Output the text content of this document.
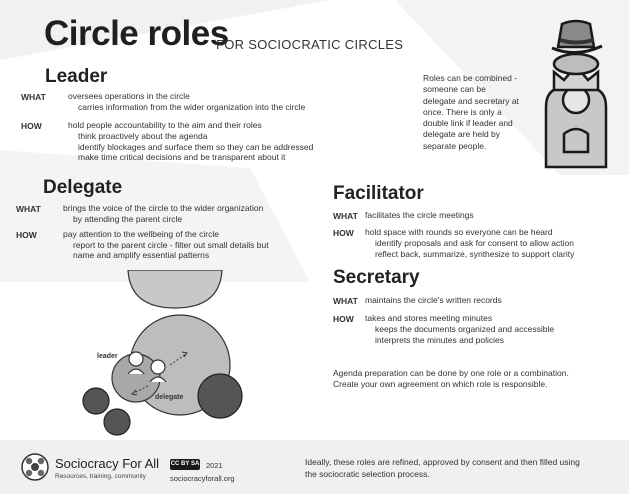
Circle roles
FOR SOCIOCRATIC CIRCLES
Leader
WHAT	oversees operations in the circle
carries information from the wider organization into the circle
HOW	hold people accountability to the aim and their roles
think proactively about the agenda
identify blockages and surface them so they can be addressed
make time critical decisions and be transparent about it
Roles can be combined -
someone can be
delegate and secretary at
once. There is only a
double link if leader and
delegate are held by
separate people.
Delegate
WHAT	brings the voice of the circle to the wider organization
by attending the parent circle
HOW	pay attention to the wellbeing of the circle
report to the parent circle - filter out small details but
name and amplify essential patterns
Facilitator
WHAT facilitates the circle meetings
HOW hold space with rounds so everyone can be heard
identify proposals and ask for consent to allow action
reflect back, summarize, synthesize to support clarity
Secretary
WHAT maintains the circle's written records
HOW takes and stores meeting minutes
keeps the documents organized and accessible
interprets the minutes and policies
Agenda preparation can be done by one role or a combination.
Create your own agreement on which role is responsible.
leader
delegate
Sociocracy For All
Resources, training, community
CC BY SA 2021
sociocracyforall.org
Ideally, these roles are refined, approved by consent and then filled using
the sociocratic selection process.
